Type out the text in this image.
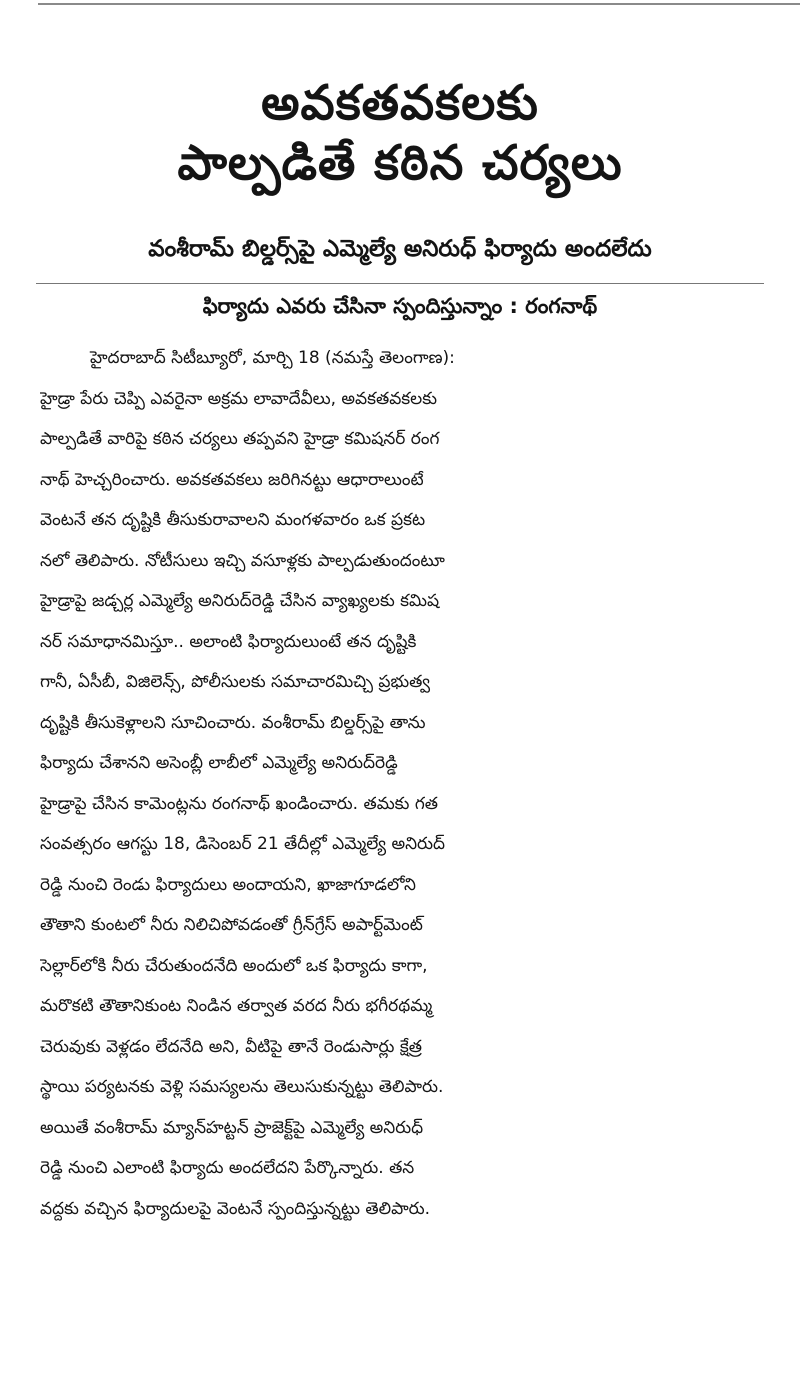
అవకతవకలకు
పాల్పడితే కఠిన చర్యలు
వంశీరామ్ బిల్డర్స్‌పై ఎమ్మెల్యే అనిరుధ్ ఫిర్యాదు అందలేదు
ఫిర్యాదు ఎవరు చేసినా స్పందిస్తున్నాం : రంగనాథ్
హైదరాబాద్ సిటీబ్యూరో, మార్చి 18 (నమస్తే తెలంగాణ):
హైడ్రా పేరు చెప్పి ఎవరైనా అక్రమ లావాదేవీలు, అవకతవకలకు
పాల్పడితే వారిపై కఠిన చర్యలు తప్పవని హైడ్రా కమిషనర్ రంగ
నాథ్ హెచ్చరించారు. అవకతవకలు జరిగినట్టు ఆధారాలుంటే
వెంటనే తన దృష్టికి తీసుకురావాలని మంగళవారం ఒక ప్రకట
నలో తెలిపారు. నోటీసులు ఇచ్చి వసూళ్లకు పాల్పడుతుందంటూ
హైడ్రాపై జడ్చర్ల ఎమ్మెల్యే అనిరుద్‌రెడ్డి చేసిన వ్యాఖ్యలకు కమిష
నర్ సమాధానమిస్తూ.. అలాంటి ఫిర్యాదులుంటే తన దృష్టికి
గానీ, ఏసీబీ, విజిలెన్స్, పోలీసులకు సమాచారమిచ్చి ప్రభుత్వ
దృష్టికి తీసుకెళ్లాలని సూచించారు. వంశీరామ్ బిల్డర్స్‌పై తాను
ఫిర్యాదు చేశానని అసెంబ్లీ లాబీలో ఎమ్మెల్యే అనిరుద్‌రెడ్డి
హైడ్రాపై చేసిన కామెంట్లను రంగనాథ్ ఖండించారు. తమకు గత
సంవత్సరం ఆగస్టు 18, డిసెంబర్ 21 తేదీల్లో ఎమ్మెల్యే అనిరుద్
రెడ్డి నుంచి రెండు ఫిర్యాదులు అందాయని, ఖాజాగూడలోని
తౌతాని కుంటలో నీరు నిలిచిపోవడంతో గ్రీన్‌గ్రేస్ అపార్ట్‌మెంట్
సెల్లార్‌లోకి నీరు చేరుతుందనేది అందులో ఒక ఫిర్యాదు కాగా,
మరొకటి తౌతానికుంట నిండిన తర్వాత వరద నీరు భగీరథమ్మ
చెరువుకు వెళ్లడం లేదనేది అని, వీటిపై తానే రెండుసార్లు క్షేత్ర
స్థాయి పర్యటనకు వెళ్లి సమస్యలను తెలుసుకున్నట్టు తెలిపారు.
అయితే వంశీరామ్ మ్యాన్‌హట్టన్ ప్రాజెక్ట్‌పై ఎమ్మెల్యే అనిరుధ్
రెడ్డి నుంచి ఎలాంటి ఫిర్యాదు అందలేదని పేర్కొన్నారు. తన
వద్దకు వచ్చిన ఫిర్యాదులపై వెంటనే స్పందిస్తున్నట్టు తెలిపారు.
